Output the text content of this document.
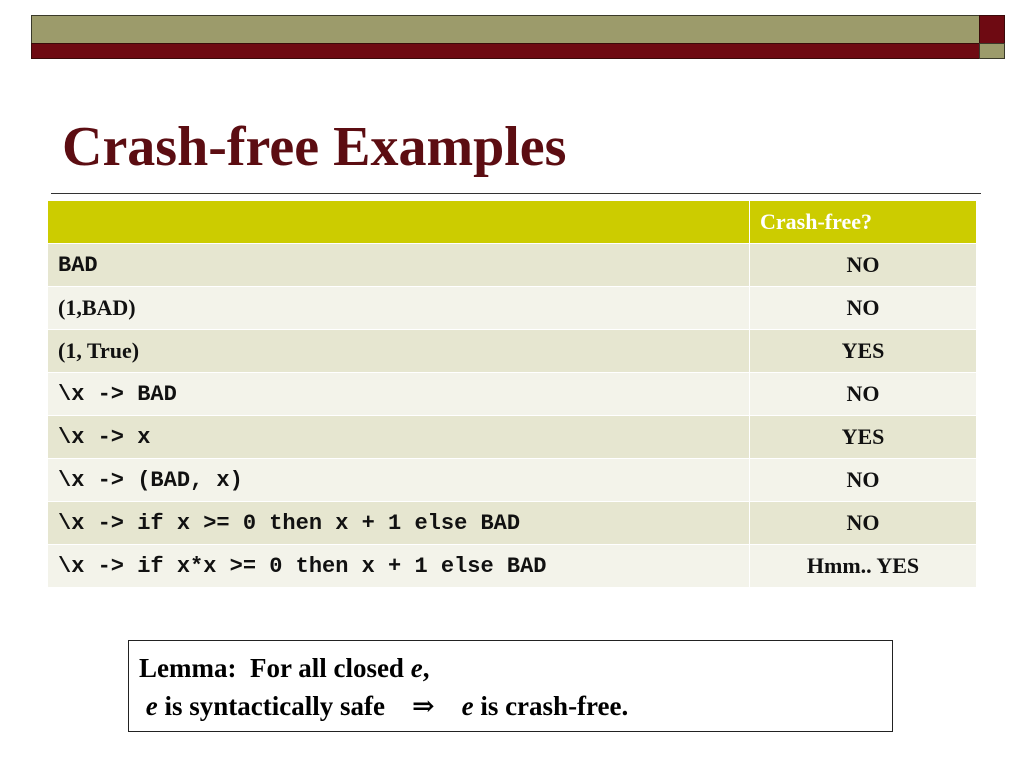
Crash-free Examples
	Crash-free?
BAD	NO
(1,BAD)	NO
(1, True)	YES
\x -> BAD	NO
\x -> x	YES
\x -> (BAD, x)	NO
\x -> if x >= 0 then x + 1 else BAD	NO
\x -> if x*x >= 0 then x + 1 else BAD	Hmm.. YES
Lemma:  For all closed e,
e is syntactically safe    ⇒    e is crash-free.
